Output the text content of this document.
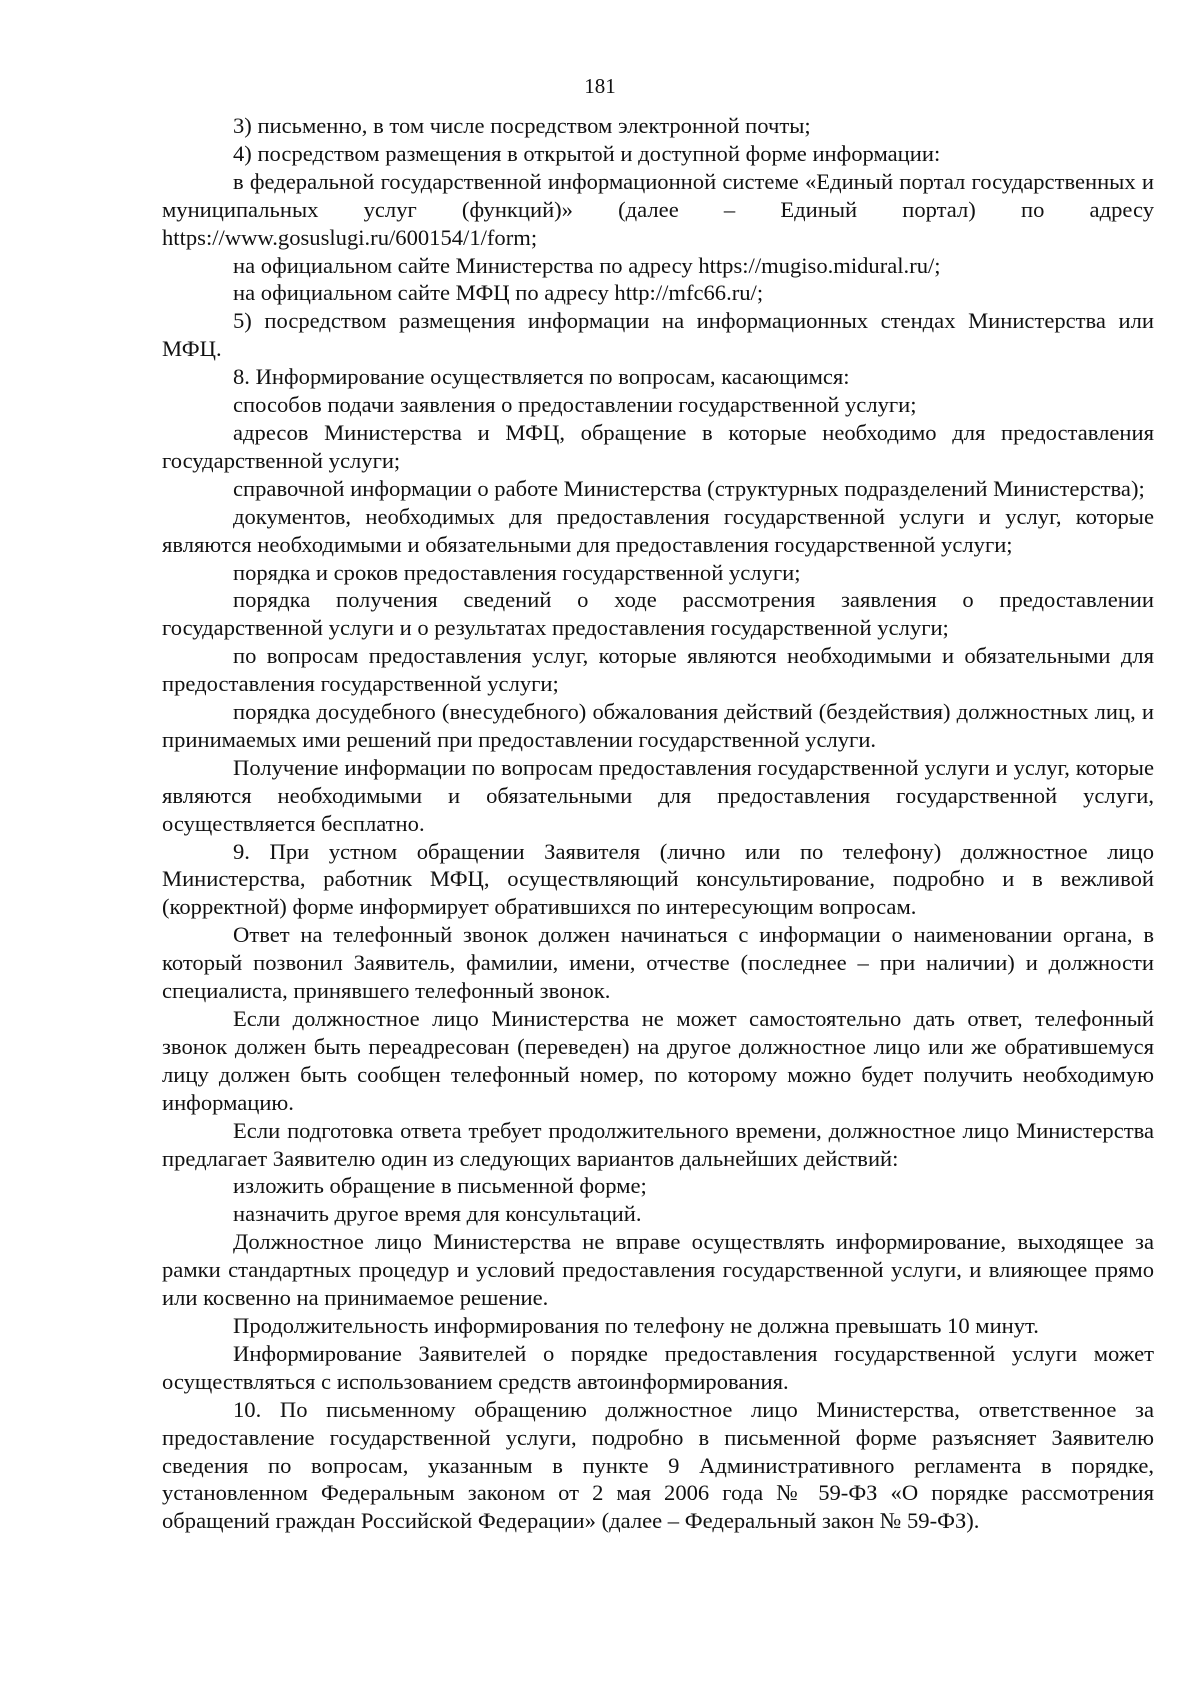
181

3) письменно, в том числе посредством электронной почты;

4) посредством размещения в открытой и доступной форме информации:

в федеральной государственной информационной системе «Единый портал государственных и муниципальных услуг (функций)» (далее – Единый портал) по адресу https://www.gosuslugi.ru/600154/1/form;

на официальном сайте Министерства по адресу https://mugiso.midural.ru/;

на официальном сайте МФЦ по адресу http://mfc66.ru/;

5) посредством размещения информации на информационных стендах Министерства или МФЦ.

8. Информирование осуществляется по вопросам, касающимся:

способов подачи заявления о предоставлении государственной услуги;

адресов Министерства и МФЦ, обращение в которые необходимо для предоставления государственной услуги;

справочной информации о работе Министерства (структурных подразделений Министерства);

документов, необходимых для предоставления государственной услуги и услуг, которые являются необходимыми и обязательными для предоставления государственной услуги;

порядка и сроков предоставления государственной услуги;

порядка получения сведений о ходе рассмотрения заявления о предоставлении государственной услуги и о результатах предоставления государственной услуги;

по вопросам предоставления услуг, которые являются необходимыми и обязательными для предоставления государственной услуги;

порядка досудебного (внесудебного) обжалования действий (бездействия) должностных лиц, и принимаемых ими решений при предоставлении государственной услуги.

Получение информации по вопросам предоставления государственной услуги и услуг, которые являются необходимыми и обязательными для предоставления государственной услуги, осуществляется бесплатно.

9. При устном обращении Заявителя (лично или по телефону) должностное лицо Министерства, работник МФЦ, осуществляющий консультирование, подробно и в вежливой (корректной) форме информирует обратившихся по интересующим вопросам.

Ответ на телефонный звонок должен начинаться с информации о наименовании органа, в который позвонил Заявитель, фамилии, имени, отчестве (последнее – при наличии) и должности специалиста, принявшего телефонный звонок.

Если должностное лицо Министерства не может самостоятельно дать ответ, телефонный звонок должен быть переадресован (переведен) на другое должностное лицо или же обратившемуся лицу должен быть сообщен телефонный номер, по которому можно будет получить необходимую информацию.

Если подготовка ответа требует продолжительного времени, должностное лицо Министерства предлагает Заявителю один из следующих вариантов дальнейших действий:

изложить обращение в письменной форме;

назначить другое время для консультаций.

Должностное лицо Министерства не вправе осуществлять информирование, выходящее за рамки стандартных процедур и условий предоставления государственной услуги, и влияющее прямо или косвенно на принимаемое решение.

Продолжительность информирования по телефону не должна превышать 10 минут.

Информирование Заявителей о порядке предоставления государственной услуги может осуществляться с использованием средств автоинформирования.

10. По письменному обращению должностное лицо Министерства, ответственное за предоставление государственной услуги, подробно в письменной форме разъясняет Заявителю сведения по вопросам, указанным в пункте 9 Административного регламента в порядке, установленном Федеральным законом от 2 мая 2006 года № 59-ФЗ «О порядке рассмотрения обращений граждан Российской Федерации» (далее – Федеральный закон № 59-ФЗ).
